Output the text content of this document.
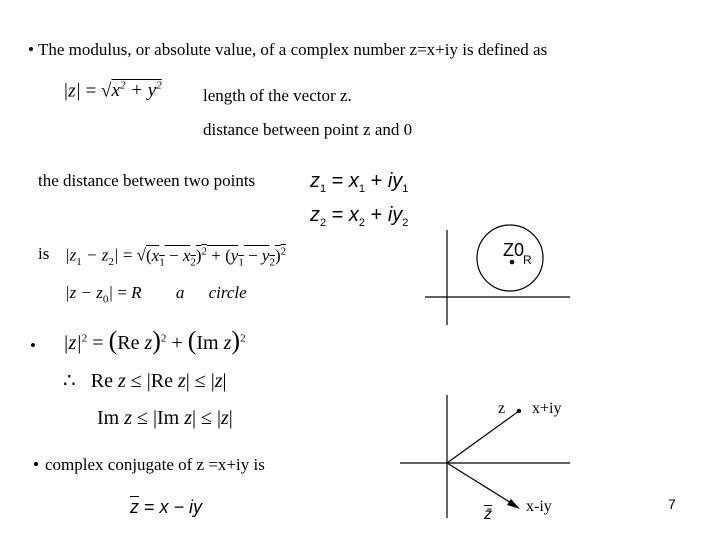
• The modulus, or absolute value, of a complex number z=x+iy is defined as
$|z| = √x^2 + y^2$ length of the vector z.
distance between point z and 0
the distance between two points	$z_1 = x_1 + iy_1$
$z_2 = x_2 + iy_2$
is $|z_1 - z_2| = √(x_1 - x_2)^2 + (y_1 - y_2)^2$
$|z - z_0| = R$ a circle
• $|z|^2 = (Re$ z)$^2$ + (Im z)$^2$
∴   Re z ≤ |Re z| ≤ |z|
Im z ≤ |Im z| ≤ |z|
• complex conjugate of z =x+iy is
$\overline{z} = x$ − iy
Z0
R
z x+iy
z̄ x-iy	7
